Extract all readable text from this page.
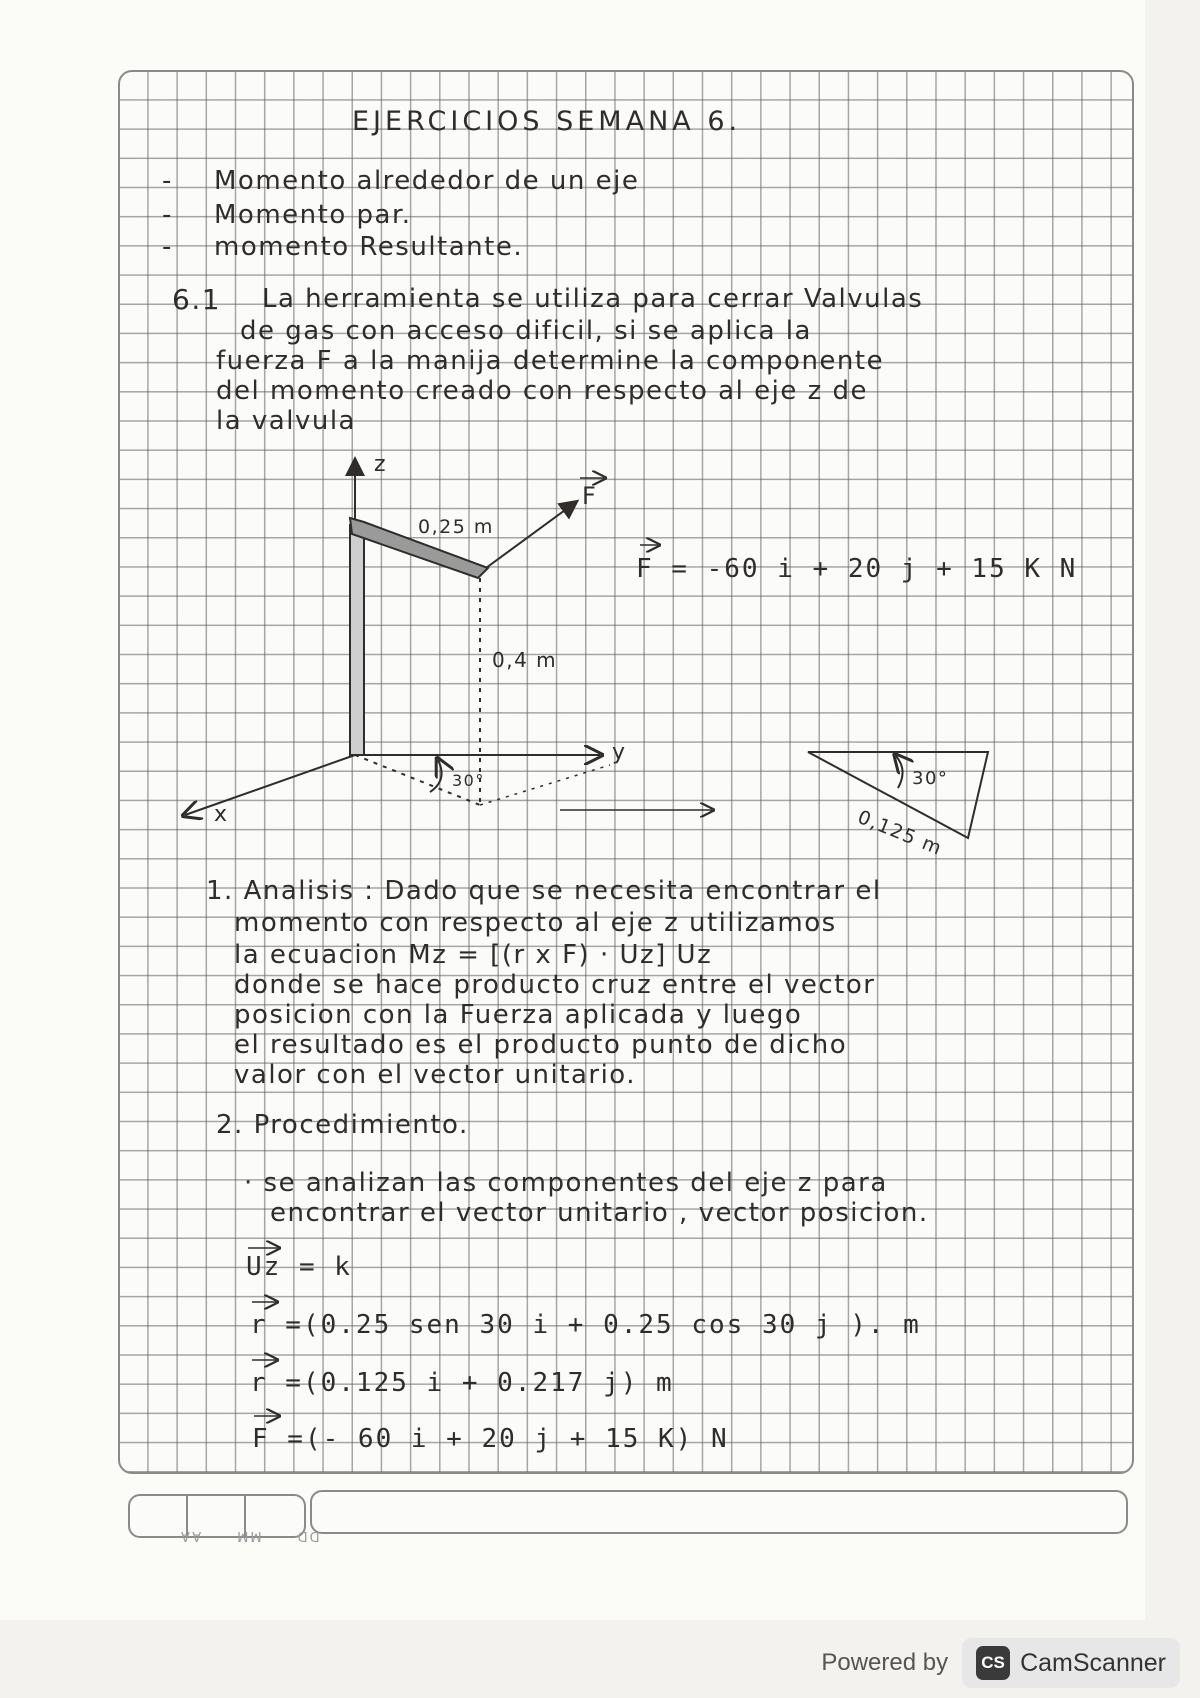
EJERCICIOS SEMANA 6.
- Momento alrededor de un eje
- Momento par.
- momento Resultante.
6.1 La herramienta se utiliza para cerrar Valvulas
de gas con acceso dificil, si se aplica la
fuerza F a la manija determine la componente
del momento creado con respecto al eje z de
la valvula
z
y
x
F
0,25 m
0,4 m
30°
F = -60 i + 20 j + 15 K N
30°
0,125 m
1. Analisis : Dado que se necesita encontrar el
momento con respecto al eje z utilizamos
la ecuacion Mz = [(r x F) · Uz] Uz
donde se hace producto cruz entre el vector
posicion con la Fuerza aplicada y luego
el resultado es el producto punto de dicho
valor con el vector unitario.
2. Procedimiento.
· se analizan las componentes del eje z para
encontrar el vector unitario , vector posicion.
Uz = k
r =(0.25 sen 30 i + 0.25 cos 30 j ). m
r =(0.125 i + 0.217 j) m
F =(- 60 i + 20 j + 15 K) N
DDMMAA
Powered by	CS CamScanner
